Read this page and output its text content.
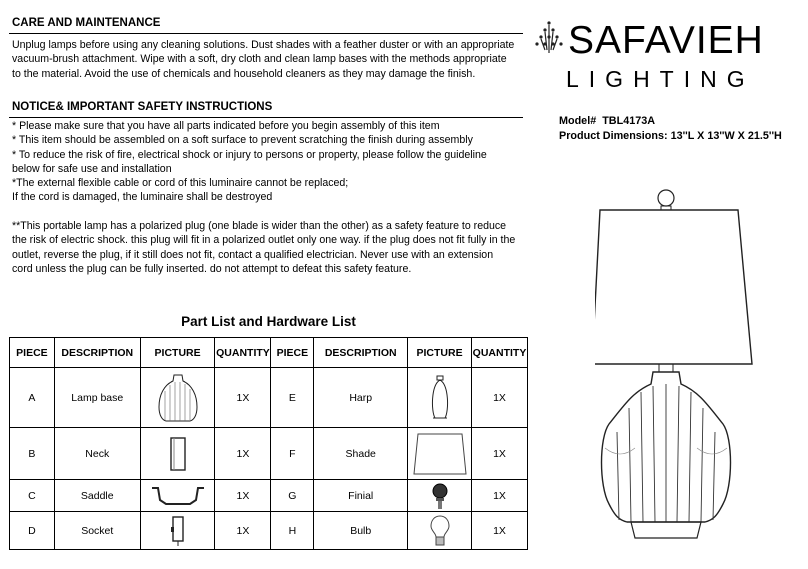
CARE AND MAINTENANCE
Unplug lamps before using any cleaning solutions. Dust shades with a feather duster or with an appropriate
vacuum-brush attachment. Wipe with a soft, dry cloth and clean lamp bases with the methods appropriate
to the material. Avoid the use of chemicals and household cleaners as they may damage the finish.
NOTICE& IMPORTANT SAFETY INSTRUCTIONS
* Please make sure that you have all parts indicated before you begin assembly of this item
* This item should be assembled on a soft surface to prevent scratching the finish during assembly
* To reduce the risk of fire, electrical shock or injury to persons or property, please follow the guideline
below for safe use and installation
*The external flexible cable or cord of this luminaire cannot be replaced;
If the cord is damaged, the luminaire shall be destroyed
**This portable lamp has a polarized plug (one blade is wider than the other) as a safety feature to reduce
the risk of electric shock. this plug will fit in a polarized outlet only one way. if the plug does not fit fully in the
outlet, reverse the plug, if it still does not fit, contact a qualified electrician. Never use with an extension
cord unless the plug can be fully inserted. do not attempt to defeat this safety feature.
Part List and Hardware List
PIECE	DESCRIPTION	PICTURE	QUANTITY	PIECE	DESCRIPTION	PICTURE	QUANTITY
A	Lamp base		1X	E	Harp		1X
B	Neck		1X	F	Shade		1X
C	Saddle		1X	G	Finial		1X
D	Socket		1X	H	Bulb		1X
SAFAVIEH
LIGHTING
Model# TBL4173A
Product Dimensions: 13''L X 13''W X 21.5''H
